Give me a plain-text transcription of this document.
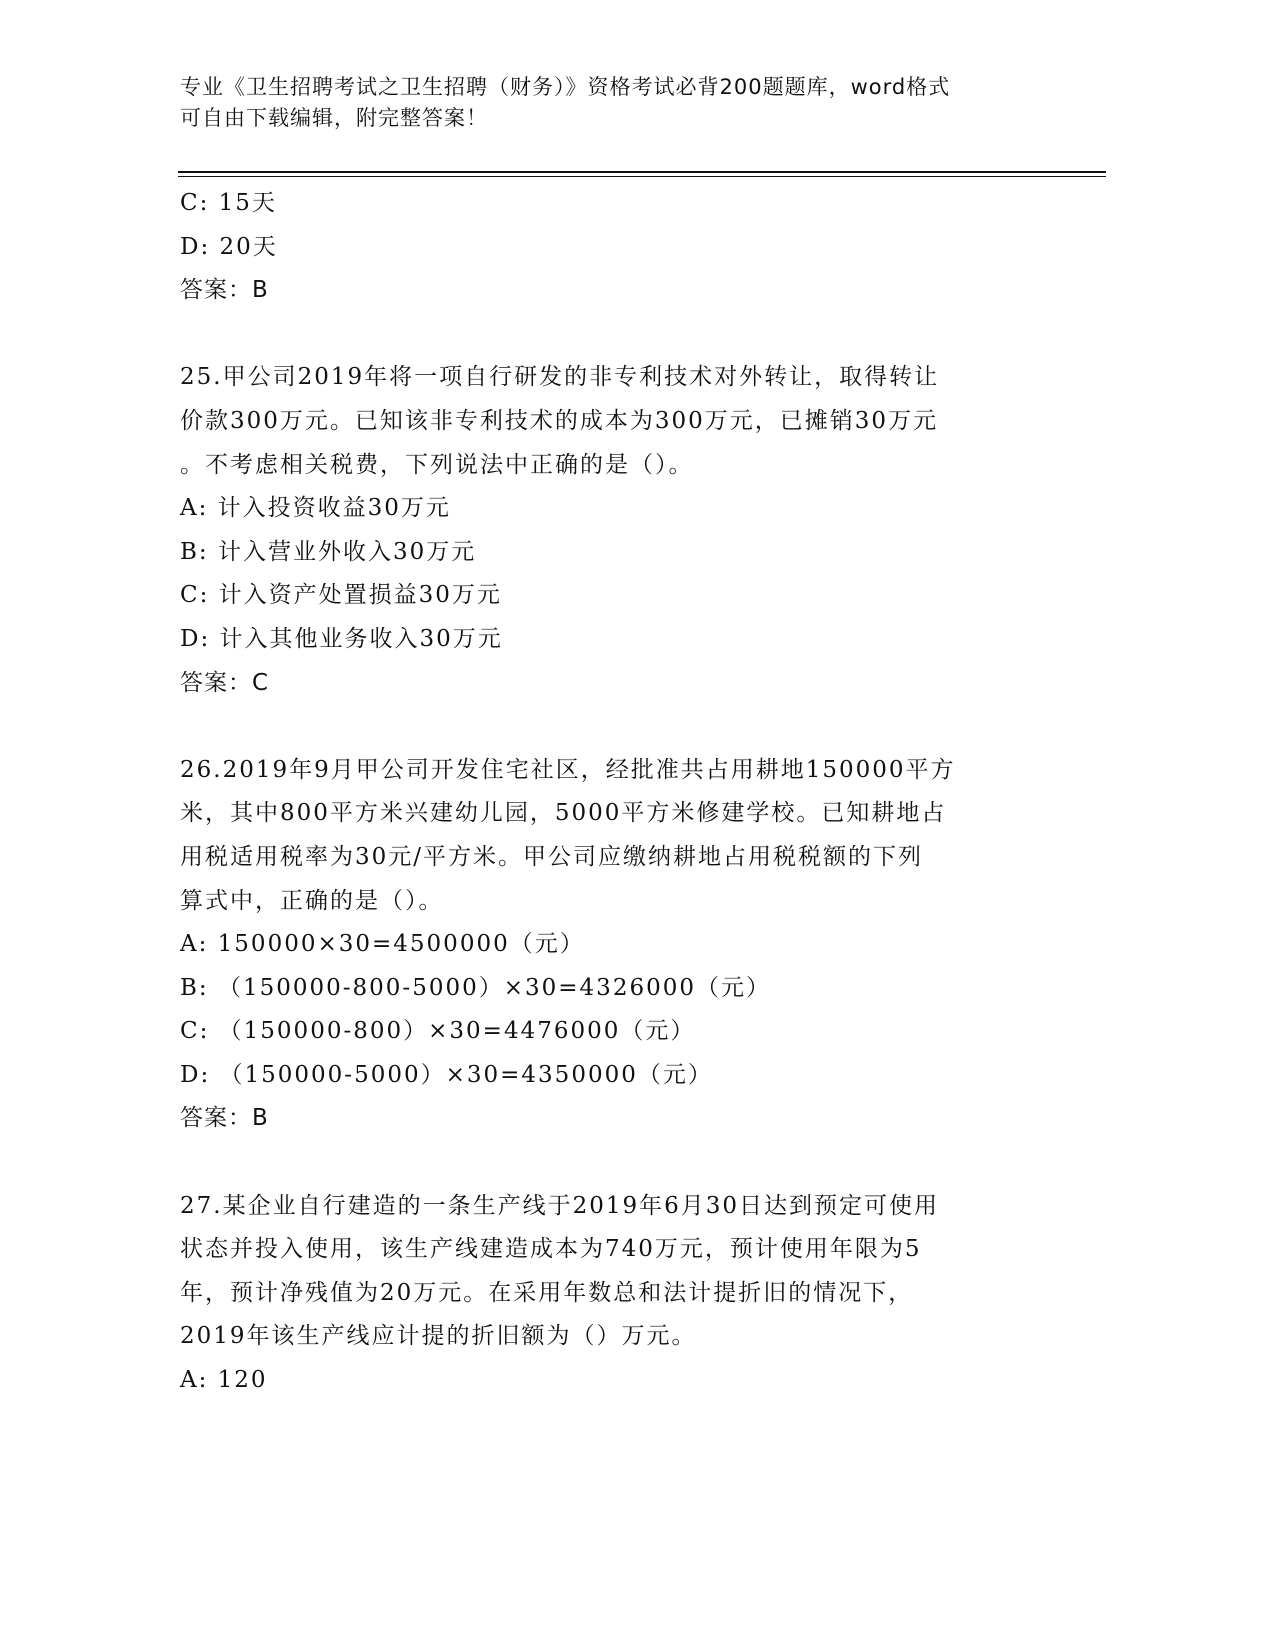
专业《卫生招聘考试之卫生招聘（财务）》资格考试必背200题题库，word格式
可自由下载编辑，附完整答案！
C: 15天
D: 20天
答案：B
25.甲公司2019年将一项自行研发的非专利技术对外转让，取得转让
价款300万元。已知该非专利技术的成本为300万元，已摊销30万元
。不考虑相关税费，下列说法中正确的是（）。
A: 计入投资收益30万元
B: 计入营业外收入30万元
C: 计入资产处置损益30万元
D: 计入其他业务收入30万元
答案：C
26.2019年9月甲公司开发住宅社区，经批准共占用耕地150000平方
米，其中800平方米兴建幼儿园，5000平方米修建学校。已知耕地占
用税适用税率为30元/平方米。甲公司应缴纳耕地占用税税额的下列
算式中，正确的是（）。
A: 150000×30=4500000（元）
B: （150000-800-5000）×30=4326000（元）
C: （150000-800）×30=4476000（元）
D: （150000-5000）×30=4350000（元）
答案：B
27.某企业自行建造的一条生产线于2019年6月30日达到预定可使用
状态并投入使用，该生产线建造成本为740万元，预计使用年限为5
年，预计净残值为20万元。在采用年数总和法计提折旧的情况下，
2019年该生产线应计提的折旧额为（）万元。
A: 120
